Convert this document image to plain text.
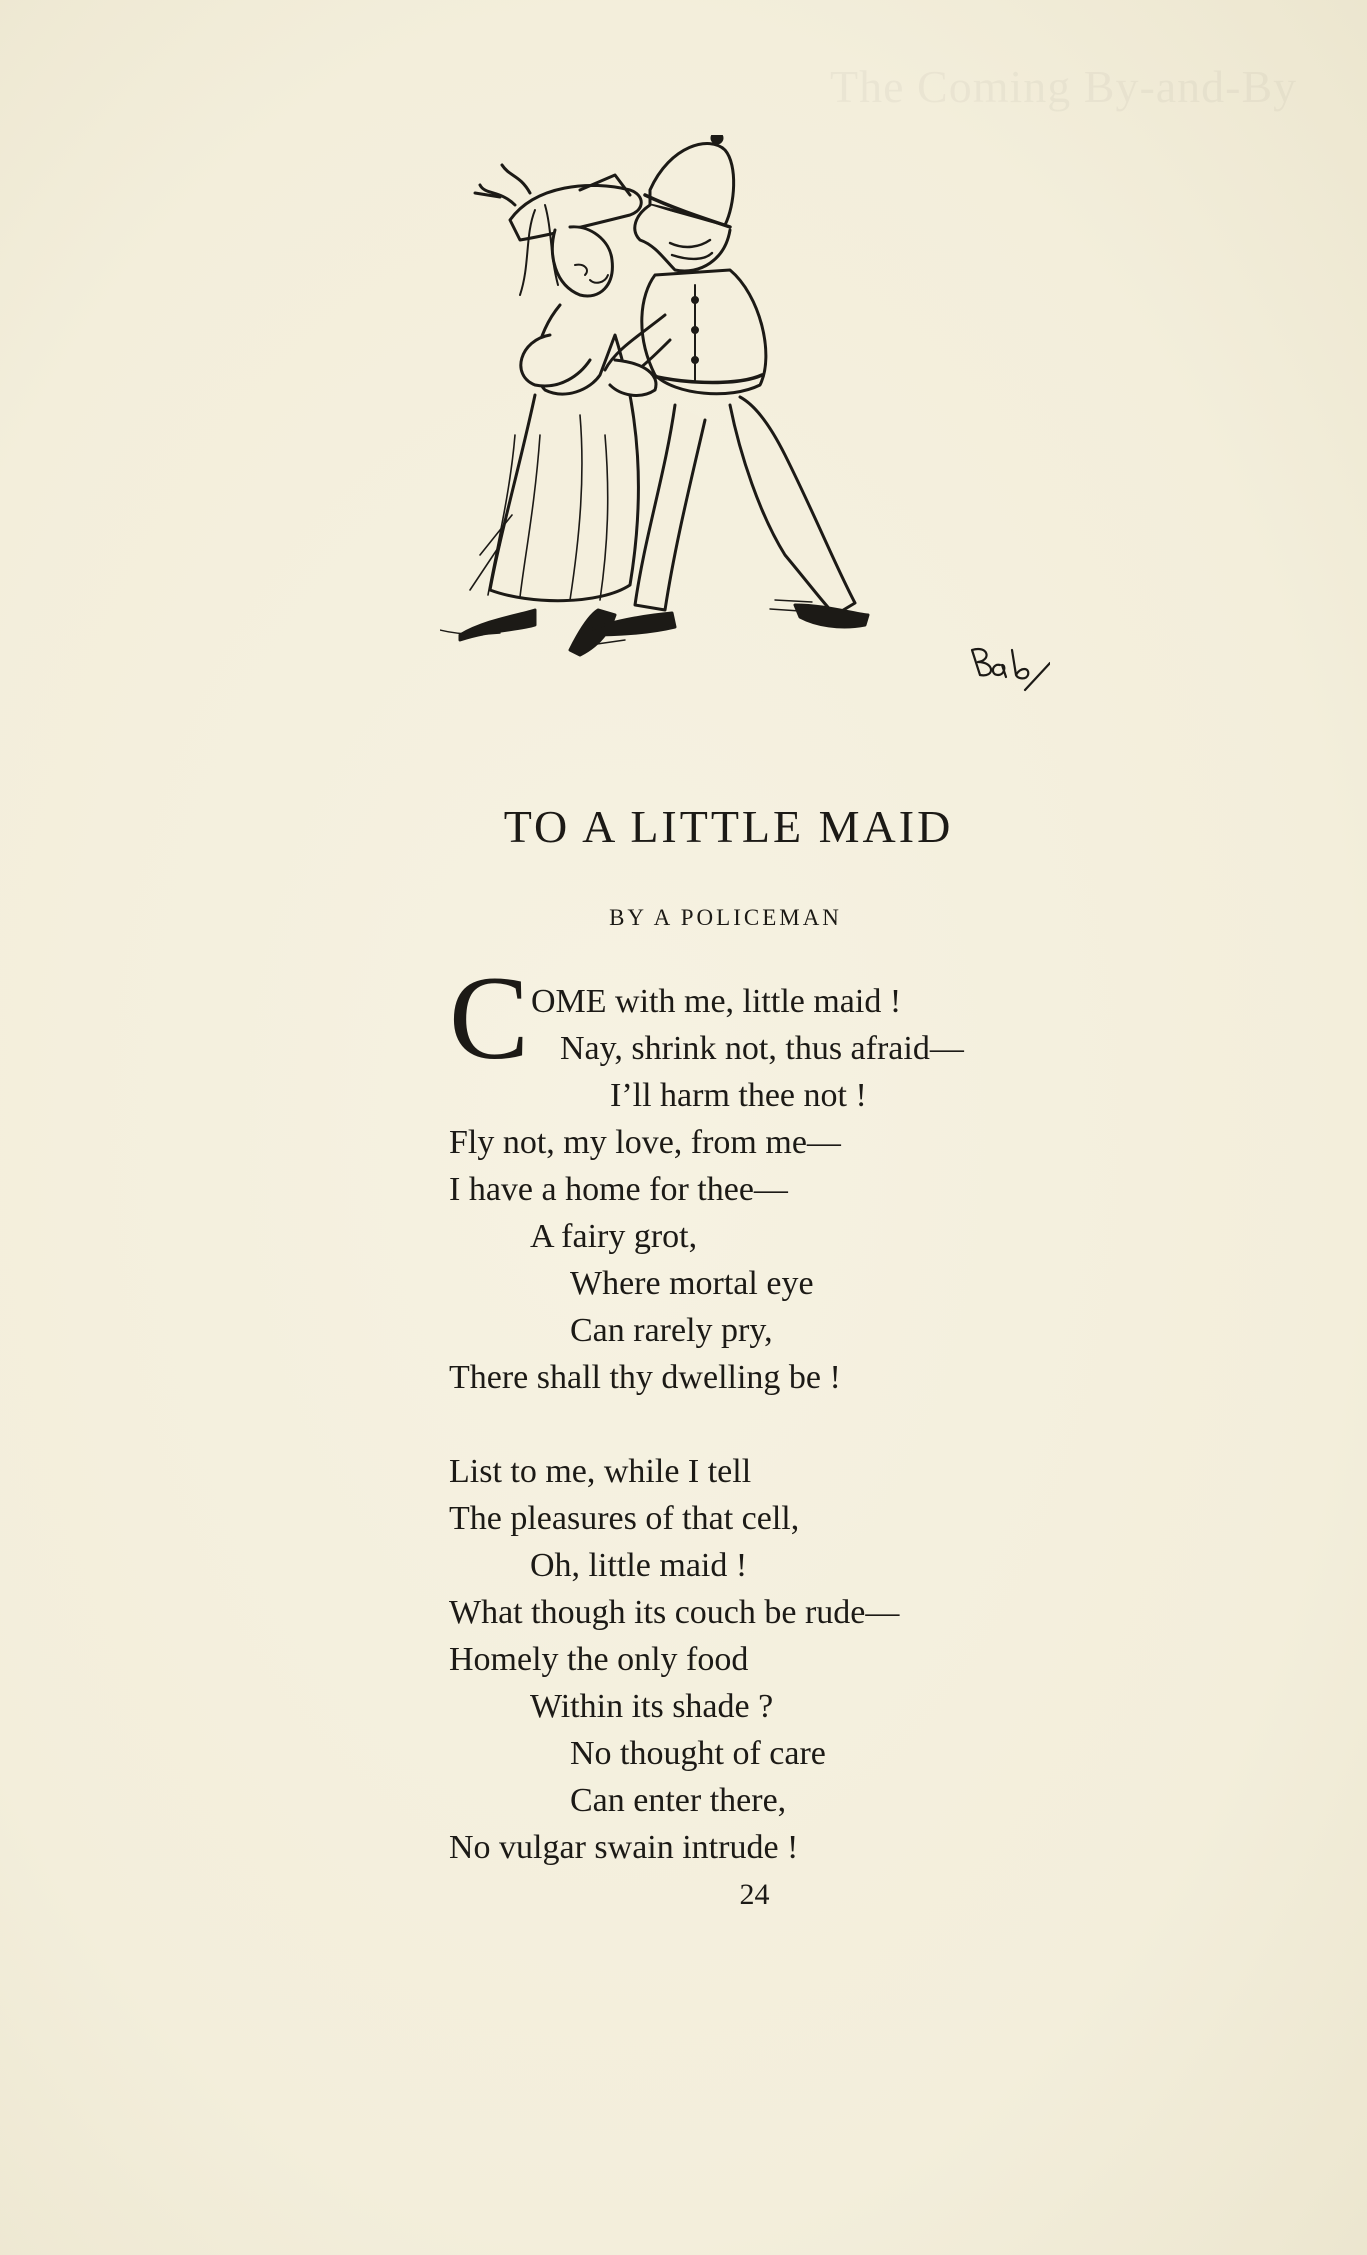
TO A LITTLE MAID
BY A POLICEMAN
C OME with me, little maid !
Nay, shrink not, thus afraid—
I’ll harm thee not !
Fly not, my love, from me—
I have a home for thee—
A fairy grot,
Where mortal eye
Can rarely pry,
There shall thy dwelling be !
List to me, while I tell
The pleasures of that cell,
Oh, little maid !
What though its couch be rude—
Homely the only food
Within its shade ?
No thought of care
Can enter there,
No vulgar swain intrude !
24
